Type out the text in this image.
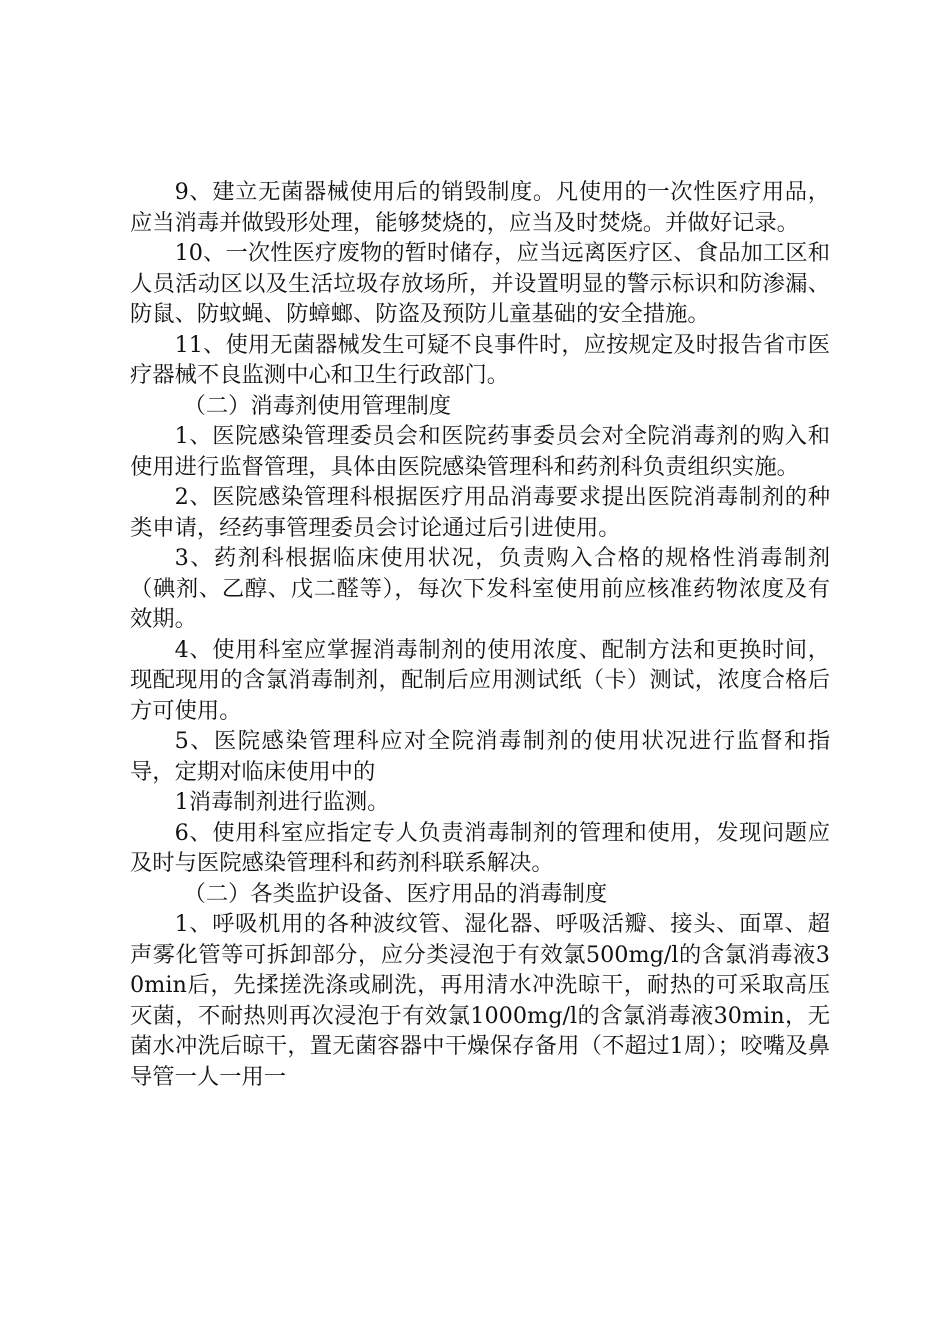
9、建立无菌器械使用后的销毁制度。凡使用的一次性医疗用品，应当消毒并做毁形处理，能够焚烧的，应当及时焚烧。并做好记录。

10、一次性医疗废物的暂时储存，应当远离医疗区、食品加工区和人员活动区以及生活垃圾存放场所，并设置明显的警示标识和防渗漏、防鼠、防蚊蝇、防蟑螂、防盗及预防儿童基础的安全措施。

11、使用无菌器械发生可疑不良事件时，应按规定及时报告省市医疗器械不良监测中心和卫生行政部门。

（二）消毒剂使用管理制度

1、医院感染管理委员会和医院药事委员会对全院消毒剂的购入和使用进行监督管理，具体由医院感染管理科和药剂科负责组织实施。

2、医院感染管理科根据医疗用品消毒要求提出医院消毒制剂的种类申请，经药事管理委员会讨论通过后引进使用。

3、药剂科根据临床使用状况，负责购入合格的规格性消毒制剂（碘剂、乙醇、戊二醛等），每次下发科室使用前应核准药物浓度及有效期。

4、使用科室应掌握消毒制剂的使用浓度、配制方法和更换时间，现配现用的含氯消毒制剂，配制后应用测试纸（卡）测试，浓度合格后方可使用。

5、医院感染管理科应对全院消毒制剂的使用状况进行监督和指导，定期对临床使用中的

1消毒制剂进行监测。

6、使用科室应指定专人负责消毒制剂的管理和使用，发现问题应及时与医院感染管理科和药剂科联系解决。

（二）各类监护设备、医疗用品的消毒制度

1、呼吸机用的各种波纹管、湿化器、呼吸活瓣、接头、面罩、超声雾化管等可拆卸部分，应分类浸泡于有效氯500mg/l的含氯消毒液30min后，先揉搓洗涤或刷洗，再用清水冲洗晾干，耐热的可采取高压灭菌，不耐热则再次浸泡于有效氯1000mg/l的含氯消毒液30min，无菌水冲洗后晾干，置无菌容器中干燥保存备用（不超过1周）；咬嘴及鼻导管一人一用一
